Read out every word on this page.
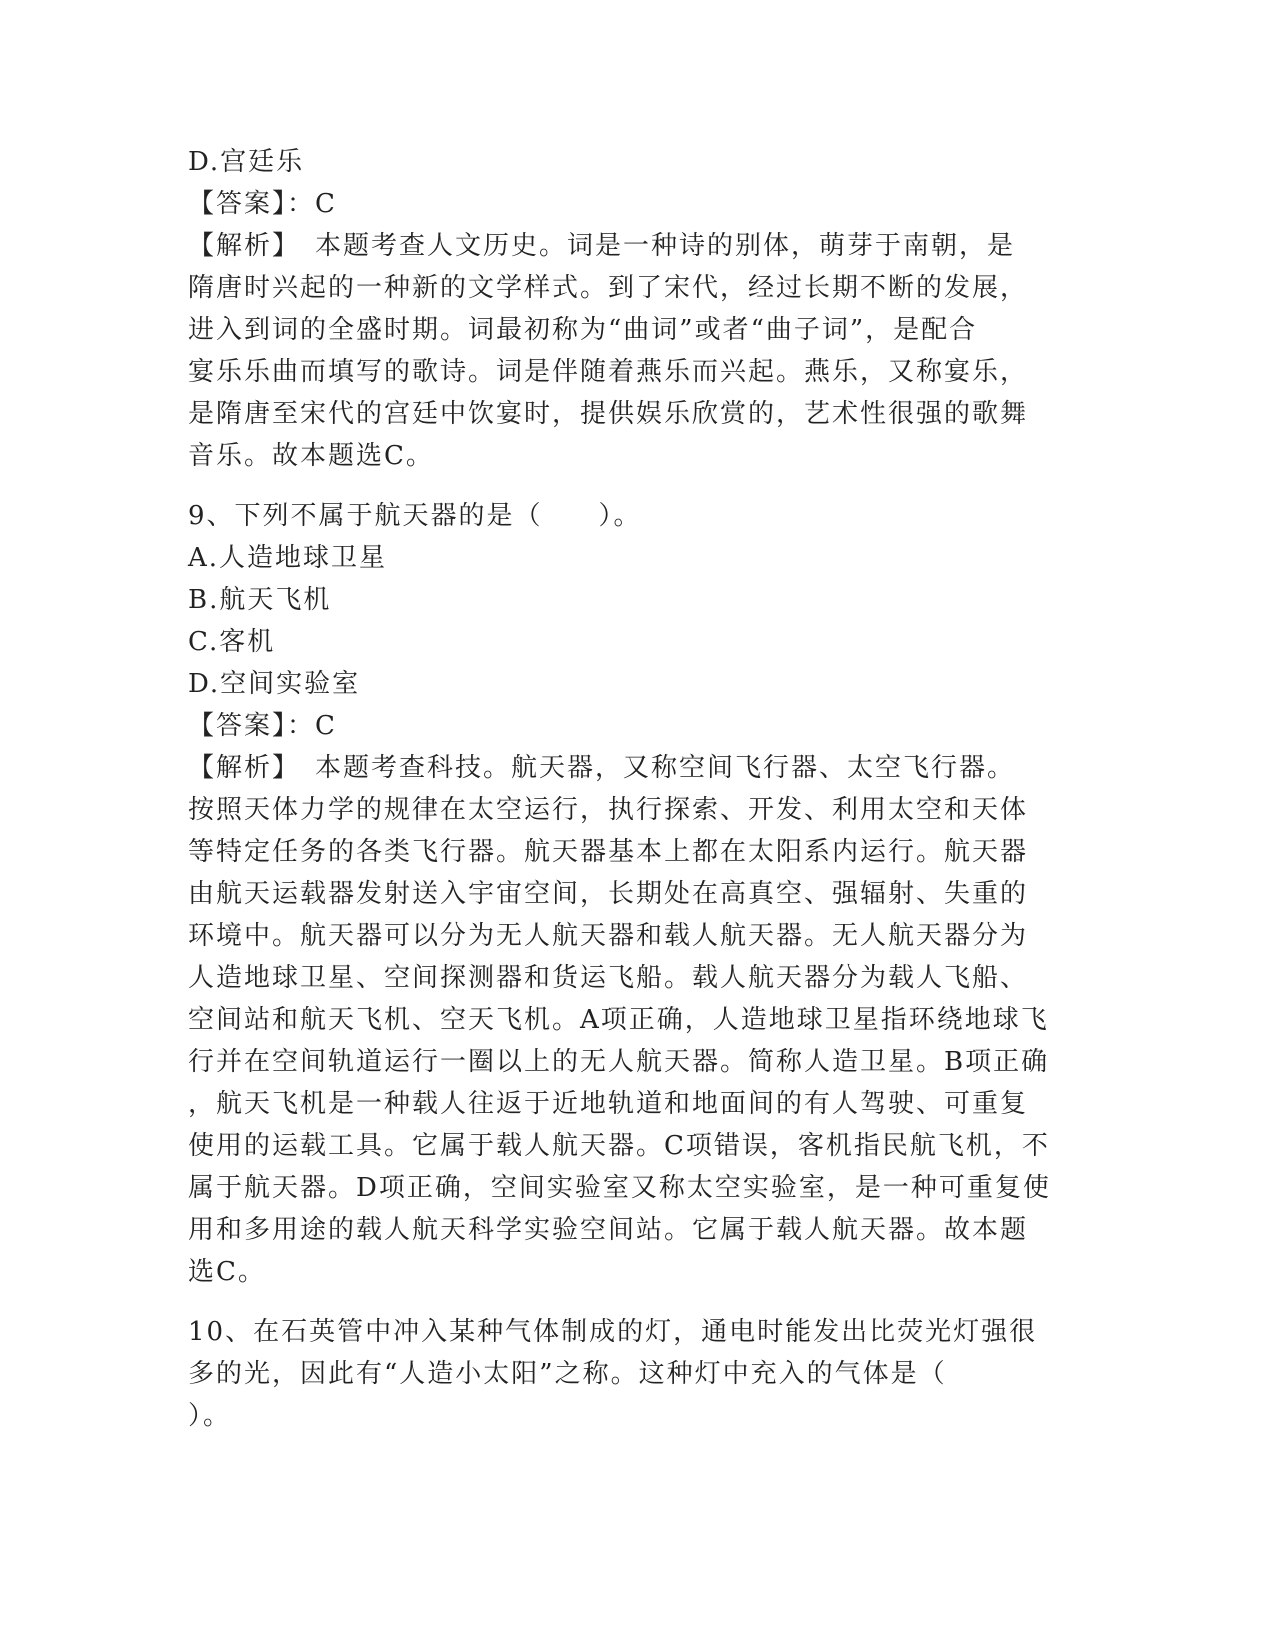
D.宫廷乐
【答案】：C
【解析】　本题考查人文历史。词是一种诗的别体，萌芽于南朝，是
隋唐时兴起的一种新的文学样式。到了宋代，经过长期不断的发展，
进入到词的全盛时期。词最初称为“曲词”或者“曲子词”，是配合
宴乐乐曲而填写的歌诗。词是伴随着燕乐而兴起。燕乐，又称宴乐，
是隋唐至宋代的宫廷中饮宴时，提供娱乐欣赏的，艺术性很强的歌舞
音乐。故本题选C。
9、下列不属于航天器的是（　　）。
A.人造地球卫星
B.航天飞机
C.客机
D.空间实验室
【答案】：C
【解析】　本题考查科技。航天器，又称空间飞行器、太空飞行器。
按照天体力学的规律在太空运行，执行探索、开发、利用太空和天体
等特定任务的各类飞行器。航天器基本上都在太阳系内运行。航天器
由航天运载器发射送入宇宙空间，长期处在高真空、强辐射、失重的
环境中。航天器可以分为无人航天器和载人航天器。无人航天器分为
人造地球卫星、空间探测器和货运飞船。载人航天器分为载人飞船、
空间站和航天飞机、空天飞机。A项正确，人造地球卫星指环绕地球飞
行并在空间轨道运行一圈以上的无人航天器。简称人造卫星。B项正确
，航天飞机是一种载人往返于近地轨道和地面间的有人驾驶、可重复
使用的运载工具。它属于载人航天器。C项错误，客机指民航飞机，不
属于航天器。D项正确，空间实验室又称太空实验室，是一种可重复使
用和多用途的载人航天科学实验空间站。它属于载人航天器。故本题
选C。
10、在石英管中冲入某种气体制成的灯，通电时能发出比荧光灯强很
多的光，因此有“人造小太阳”之称。这种灯中充入的气体是（
）。
